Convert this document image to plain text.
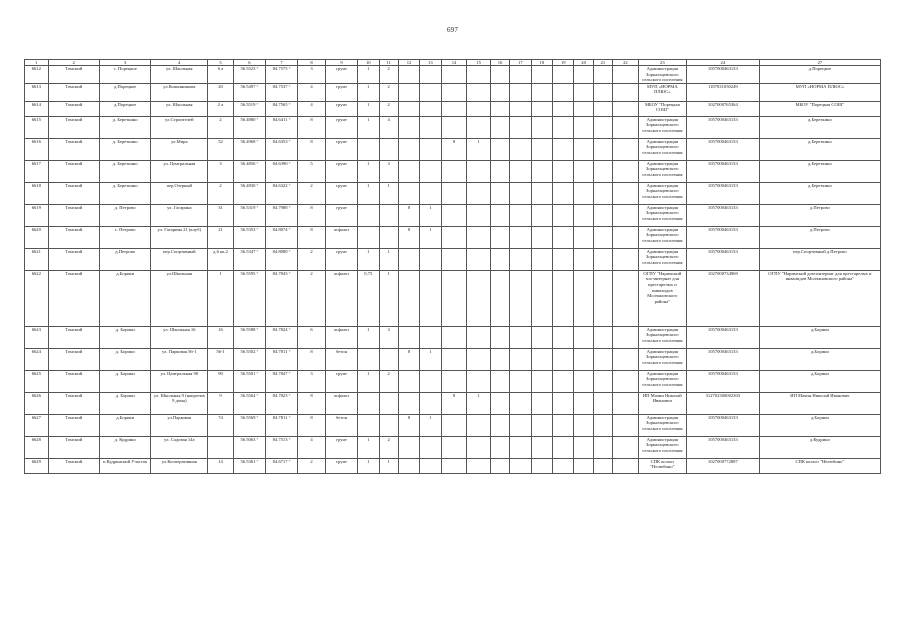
697
1	2	3	4	5	6	7	8	9	10	11	12	13	14	15	16	17	18	19	20	21	22	23	24			27
6612	Томский	с. Порецкое	ул. Школьная	6 а	56.5523 °	84.7575 °	3	грунт	1	2												Администрация Зоркальцевского сельского поселения	1057000463133			д.Порецкое
6613	Томский	д.Порецкое	ул.Кошкиникова	20	56.5497 °	84.7537 °	4	грунт	1	2												МУП «НОРМА ПЛЮС»	1187031050249			МУП «НОРМА ПЛЮС»
6614	Томский	д.Порецкое	ул. Школьная	2 а	56.5519 °	84.7565 °	4	грунт	1	2												МБОУ "Порецкая СОШ"	1027000765364			МБОУ "Порецкая СОШ"
6615	Томский	д. Березкино	ул.Строителей	2	56.4880 °	84.6411 °	8	грунт	1	4												Администрация Зоркальцевского сельского поселения	1057000463133			д.Березкино
6616	Томский	д. Березкино	ул.Мира	52	56.4968 °	84.6353 °	8	грунт					8	1								Администрация Зоркальцевского сельского поселения	1057000463133			д.Березкино
6617	Томский	д. Березкино	ул. Центральная	3	56.4856 °	84.6390 °	5	грунт	1	3												Администрация Зоркальцевского сельского поселения	1057000463133			д.Березкино
6618	Томский	д. Березкино	пер.Озерный	2	56.4830 °	84.6322 °	2	грунт	1	1												Администрация Зоркальцевского сельского поселения	1057000463133			д.Березкино
6619	Томский	д. Петрово	ул. Гагарина	31	56.5319 °	84.7988 °	8	грунт			8	1										Администрация Зоркальцевского сельского поселения	1057000463133			д.Петрово
6620	Томский	с. Петрово	ул. Гагарина 21 (клуб)	21	56.5353 °	84.8074 °	8	асфальт			8	1										Администрация Зоркальцевского сельского поселения	1057000463133			д.Петрово
6621	Томский	д.Петрово	пер.Спортивный	д.6 кв.2	56.5347 °	84.8080 °	2	грунт	1	1												Администрация Зоркальцевского сельского поселения	1057000463133			пер.Спортивный д.Петрово
6622	Томский	д.Борики	ул.Школьная	1	56.5595 °	84.7843 °	2	асфальт	0,75	1												ОГПУ "Наримский зоо-интернат для престарелых и инвалидов Молчановского района"	1027000734969			ОГПУ "Наримский дом-интернат для престарелых и инвалидов Молчановского района"
6623	Томский	д. Борики	ул. Школьная 16	16	56.5588 °	84.7824 °	6	асфальт	1	3												Администрация Зоркальцевского сельского поселения	1057000463133			д.Борики
6624	Томский	д. Борики	ул. Парковая 56-1	56-1	56.5502 °	84.7811 °	8	бетон			8	1										Администрация Зоркальцевского сельского поселения	1057000463133			д.Борики
6625	Томский	д. Борики	ул. Центральная 90	90	56.5501 °	84.7847 °	3	грунт	1	2												Администрация Зоркальцевского сельского поселения	1057000463133			д.Борики
6626	Томский	д. Борики	ул. Школьная 9 (напротив 9 дома)	9	56.5564 °	84.7823 °	8	асфальт					8	1								ИП Мачин Николай Иванович	312702300002303			ИП Мачин Николай Иванович
6627	Томский	д.Борики	ул.Парковая	74	56.5569 °	84.7811 °	8	бетон			8	1										Администрация Зоркальцевского сельского поселения	1057000463133			д.Борики
6628	Томский	д. Кудрино	ул. Садовая 14а		56.5063 °	84.7513 °	4	грунт	1	2												Администрация Зоркальцевского сельского поселения	1057000463133			д.Кудрино
6629	Томский	п.Кудринский Участок	ул.Кооперативная	14	56.5361 °	84.6717 °	2	грунт	1	1												СПК колхоз "Нелюбино"	1027000772887			СПК колхоз "Нелюбино"
